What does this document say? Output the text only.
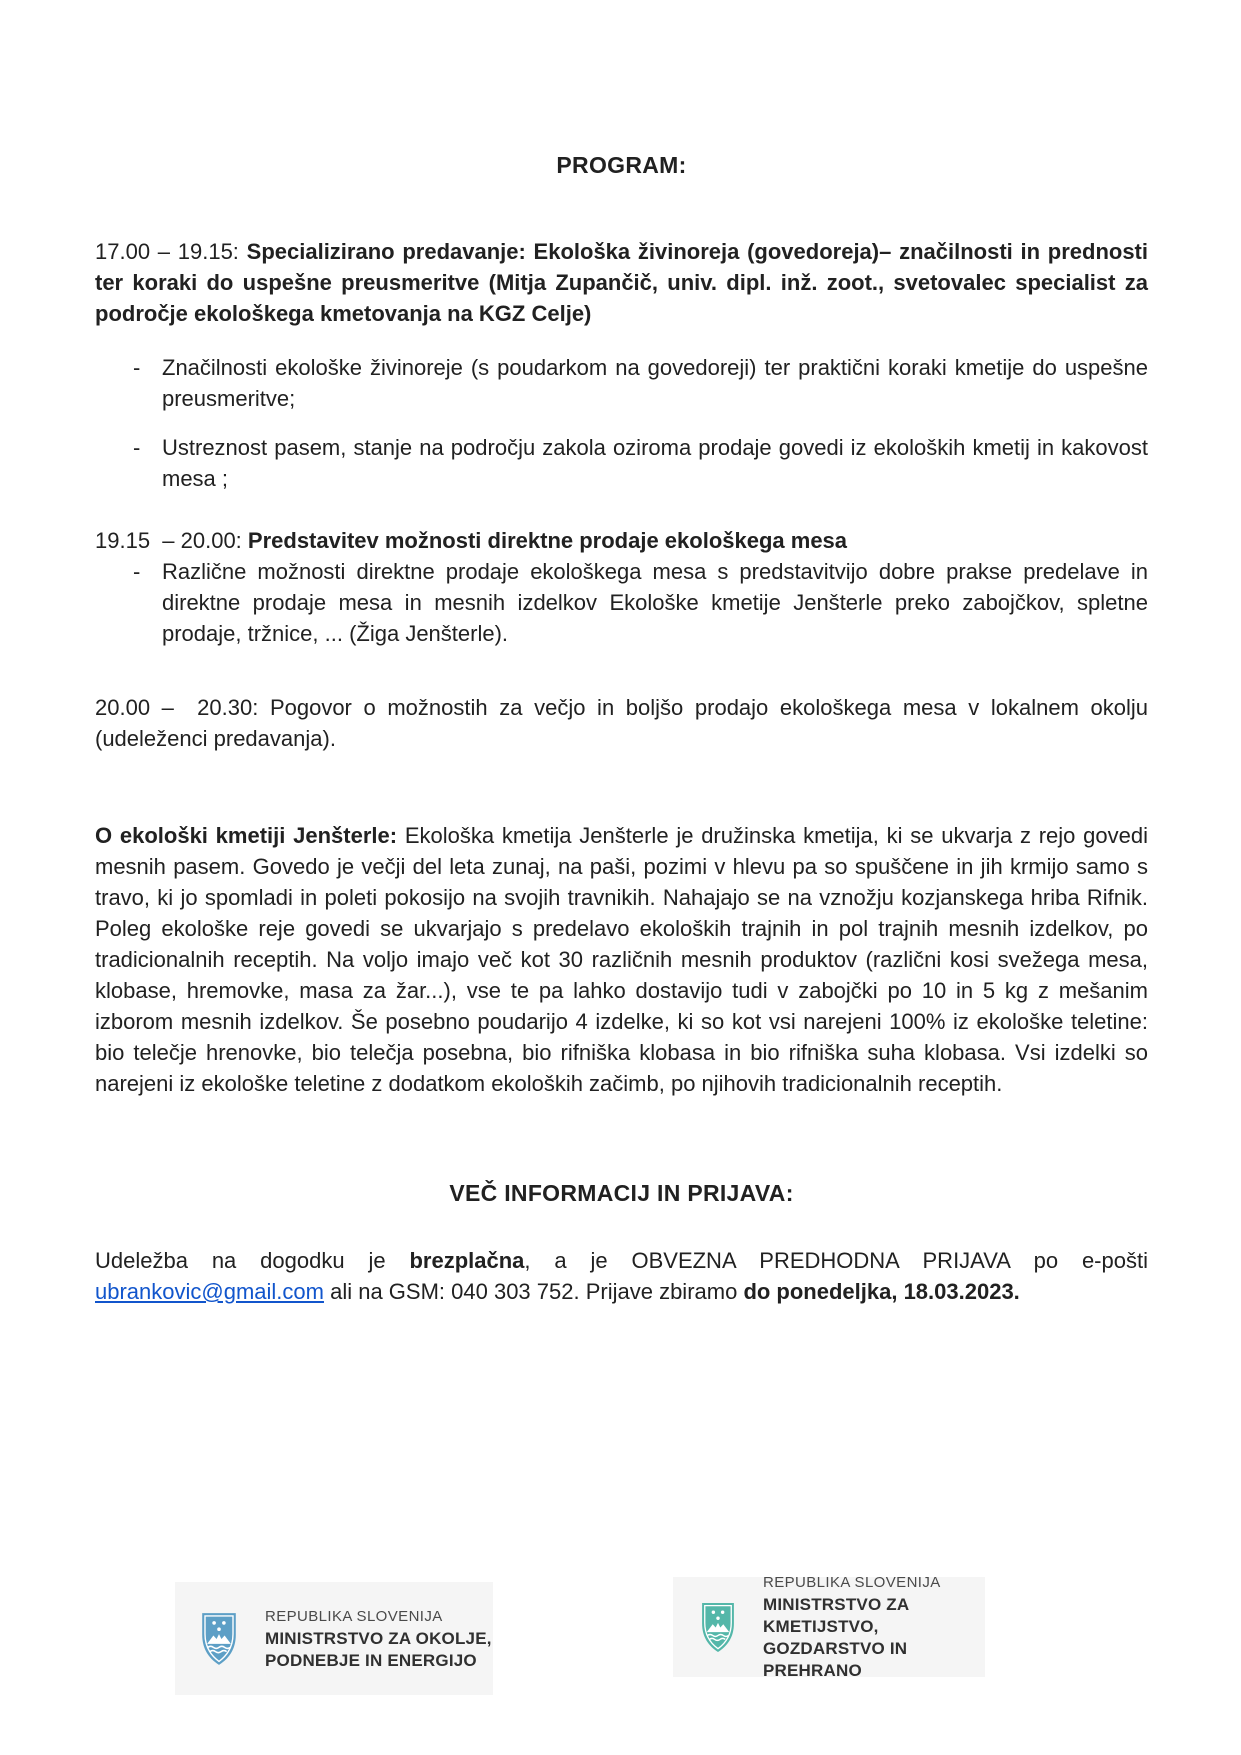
PROGRAM:

17.00 – 19.15: Specializirano predavanje: Ekološka živinoreja (govedoreja)– značilnosti in prednosti ter koraki do uspešne preusmeritve (Mitja Zupančič, univ. dipl. inž. zoot., svetovalec specialist za področje ekološkega kmetovanja na KGZ Celje)

- Značilnosti ekološke živinoreje (s poudarkom na govedoreji) ter praktični koraki kmetije do uspešne preusmeritve;
- Ustreznost pasem, stanje na področju zakola oziroma prodaje govedi iz ekoloških kmetij in kakovost mesa ;

19.15  – 20.00: Predstavitev možnosti direktne prodaje ekološkega mesa

- Različne možnosti direktne prodaje ekološkega mesa s predstavitvijo dobre prakse predelave in direktne prodaje mesa in mesnih izdelkov Ekološke kmetije Jenšterle preko zabojčkov, spletne prodaje, tržnice, ... (Žiga Jenšterle).

20.00 –  20.30: Pogovor o možnostih za večjo in boljšo prodajo ekološkega mesa v lokalnem okolju (udeleženci predavanja).

O ekološki kmetiji Jenšterle: Ekološka kmetija Jenšterle je družinska kmetija, ki se ukvarja z rejo govedi mesnih pasem. Govedo je večji del leta zunaj, na paši, pozimi v hlevu pa so spuščene in jih krmijo samo s travo, ki jo spomladi in poleti pokosijo na svojih travnikih. Nahajajo se na vznožju kozjanskega hriba Rifnik. Poleg ekološke reje govedi se ukvarjajo s predelavo ekoloških trajnih in pol trajnih mesnih izdelkov, po tradicionalnih receptih. Na voljo imajo več kot 30 različnih mesnih produktov (različni kosi svežega mesa, klobase, hremovke, masa za žar...), vse te pa lahko dostavijo tudi v zabojčki po 10 in 5 kg z mešanim izborom mesnih izdelkov. Še posebno poudarijo 4 izdelke, ki so kot vsi narejeni 100% iz ekološke teletine: bio telečje hrenovke, bio telečja posebna, bio rifniška klobasa in bio rifniška suha klobasa. Vsi izdelki so narejeni iz ekološke teletine z dodatkom ekoloških začimb, po njihovih tradicionalnih receptih.

VEČ INFORMACIJ IN PRIJAVA:

Udeležba na dogodku je brezplačna, a je OBVEZNA PREDHODNA PRIJAVA po e-pošti ubrankovic@gmail.com ali na GSM: 040 303 752. Prijave zbiramo do ponedeljka, 18.03.2023.

REPUBLIKA SLOVENIJA
MINISTRSTVO ZA OKOLJE,
PODNEBJE IN ENERGIJO
REPUBLIKA SLOVENIJA
MINISTRSTVO ZA KMETIJSTVO,
GOZDARSTVO IN PREHRANO
